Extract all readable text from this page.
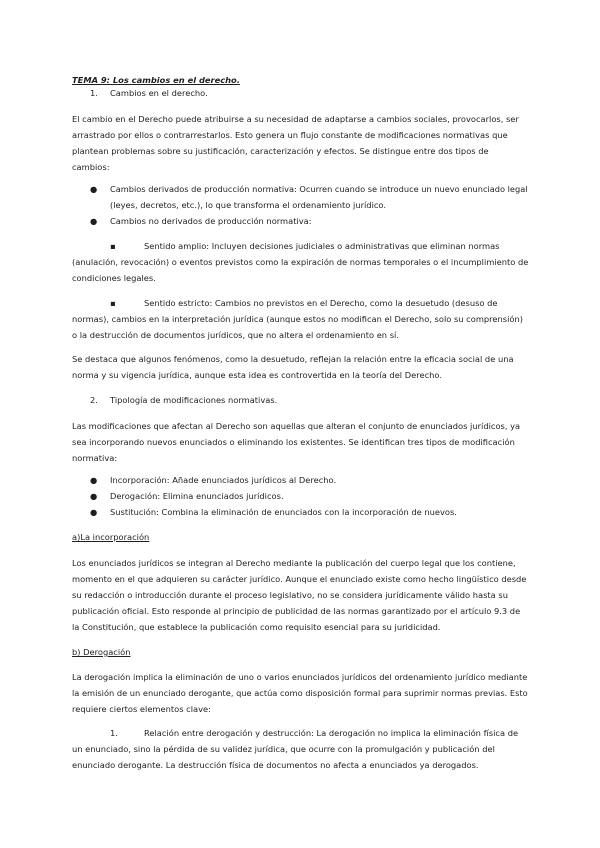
TEMA 9: Los cambios en el derecho.
1. Cambios en el derecho.
El cambio en el Derecho puede atribuirse a su necesidad de adaptarse a cambios sociales, provocarlos, ser
arrastrado por ellos o contrarrestarlos. Esto genera un flujo constante de modificaciones normativas que
plantean problemas sobre su justificación, caracterización y efectos. Se distingue entre dos tipos de
cambios:
● Cambios derivados de producción normativa: Ocurren cuando se introduce un nuevo enunciado legal
(leyes, decretos, etc.), lo que transforma el ordenamiento jurídico.
● Cambios no derivados de producción normativa:
▪	Sentido amplio: Incluyen decisiones judiciales o administrativas que eliminan normas
(anulación, revocación) o eventos previstos como la expiración de normas temporales o el incumplimiento de
condiciones legales.
▪	Sentido estricto: Cambios no previstos en el Derecho, como la desuetudo (desuso de
normas), cambios en la interpretación jurídica (aunque estos no modifican el Derecho, solo su comprensión)
o la destrucción de documentos jurídicos, que no altera el ordenamiento en sí.
Se destaca que algunos fenómenos, como la desuetudo, reflejan la relación entre la eficacia social de una
norma y su vigencia jurídica, aunque esta idea es controvertida en la teoría del Derecho.
2. Tipología de modificaciones normativas.
Las modificaciones que afectan al Derecho son aquellas que alteran el conjunto de enunciados jurídicos, ya
sea incorporando nuevos enunciados o eliminando los existentes. Se identifican tres tipos de modificación
normativa:
● Incorporación: Añade enunciados jurídicos al Derecho.
● Derogación: Elimina enunciados jurídicos.
● Sustitución: Combina la eliminación de enunciados con la incorporación de nuevos.
a)La incorporación
Los enunciados jurídicos se integran al Derecho mediante la publicación del cuerpo legal que los contiene,
momento en el que adquieren su carácter jurídico. Aunque el enunciado existe como hecho lingüístico desde
su redacción o introducción durante el proceso legislativo, no se considera jurídicamente válido hasta su
publicación oficial. Esto responde al principio de publicidad de las normas garantizado por el artículo 9.3 de
la Constitución, que establece la publicación como requisito esencial para su juridicidad.
b) Derogación
La derogación implica la eliminación de uno o varios enunciados jurídicos del ordenamiento jurídico mediante
la emisión de un enunciado derogante, que actúa como disposición formal para suprimir normas previas. Esto
requiere ciertos elementos clave:
1.	Relación entre derogación y destrucción: La derogación no implica la eliminación física de
un enunciado, sino la pérdida de su validez jurídica, que ocurre con la promulgación y publicación del
enunciado derogante. La destrucción física de documentos no afecta a enunciados ya derogados.
